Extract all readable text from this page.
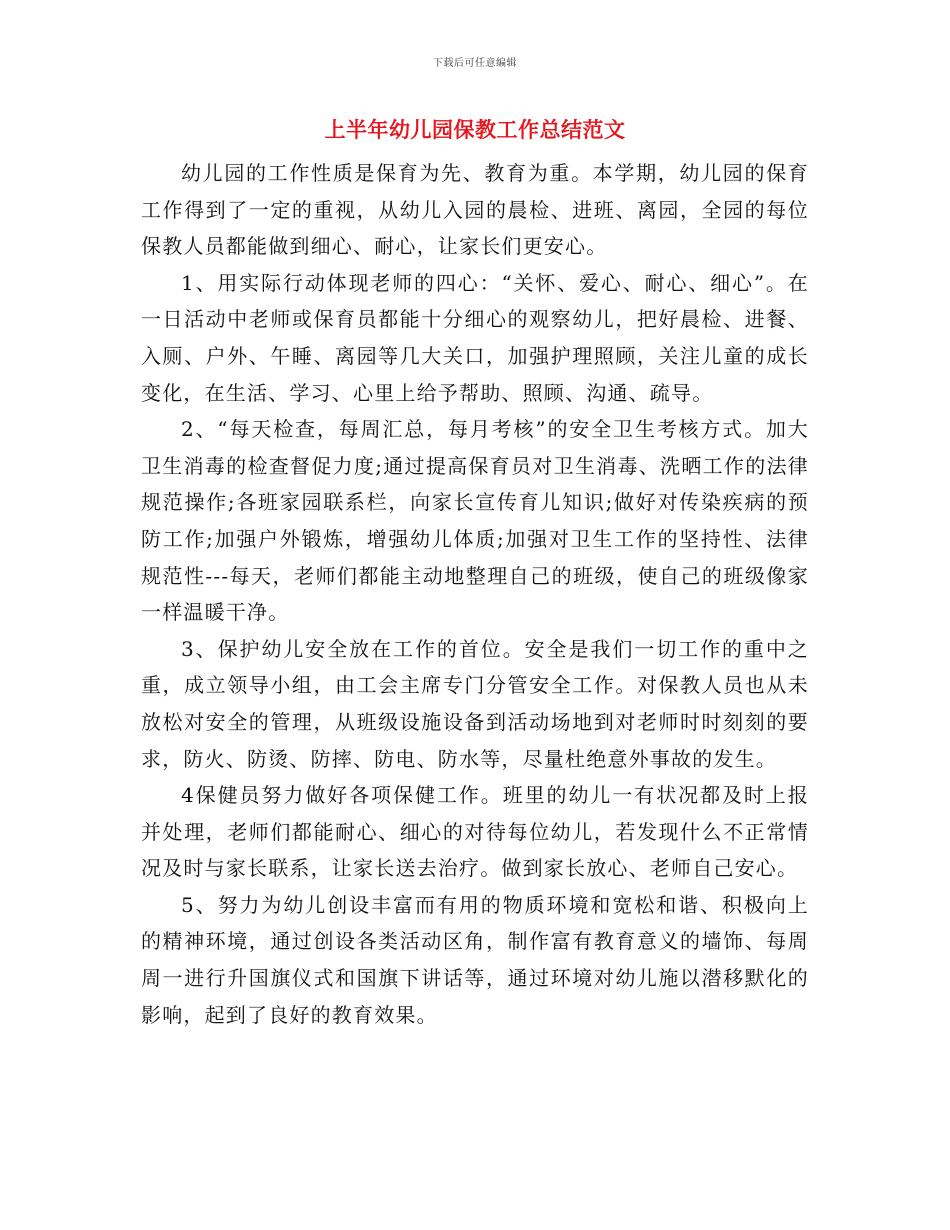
下载后可任意编辑
上半年幼儿园保教工作总结范文

幼儿园的工作性质是保育为先、教育为重。本学期，幼儿园的保育工作得到了一定的重视，从幼儿入园的晨检、进班、离园，全园的每位保教人员都能做到细心、耐心，让家长们更安心。

1、用实际行动体现老师的四心：“关怀、爱心、耐心、细心”。在一日活动中老师或保育员都能十分细心的观察幼儿，把好晨检、进餐、入厕、户外、午睡、离园等几大关口，加强护理照顾，关注儿童的成长变化，在生活、学习、心里上给予帮助、照顾、沟通、疏导。

2、“每天检查，每周汇总，每月考核”的安全卫生考核方式。加大卫生消毒的检查督促力度;通过提高保育员对卫生消毒、洗晒工作的法律规范操作;各班家园联系栏，向家长宣传育儿知识;做好对传染疾病的预防工作;加强户外锻炼，增强幼儿体质;加强对卫生工作的坚持性、法律规范性---每天，老师们都能主动地整理自己的班级，使自己的班级像家一样温暖干净。

3、保护幼儿安全放在工作的首位。安全是我们一切工作的重中之重，成立领导小组，由工会主席专门分管安全工作。对保教人员也从未放松对安全的管理，从班级设施设备到活动场地到对老师时时刻刻的要求，防火、防烫、防摔、防电、防水等，尽量杜绝意外事故的发生。

4保健员努力做好各项保健工作。班里的幼儿一有状况都及时上报并处理，老师们都能耐心、细心的对待每位幼儿，若发现什么不正常情况及时与家长联系，让家长送去治疗。做到家长放心、老师自己安心。

5、努力为幼儿创设丰富而有用的物质环境和宽松和谐、积极向上的精神环境，通过创设各类活动区角，制作富有教育意义的墙饰、每周周一进行升国旗仪式和国旗下讲话等，通过环境对幼儿施以潜移默化的影响，起到了良好的教育效果。
